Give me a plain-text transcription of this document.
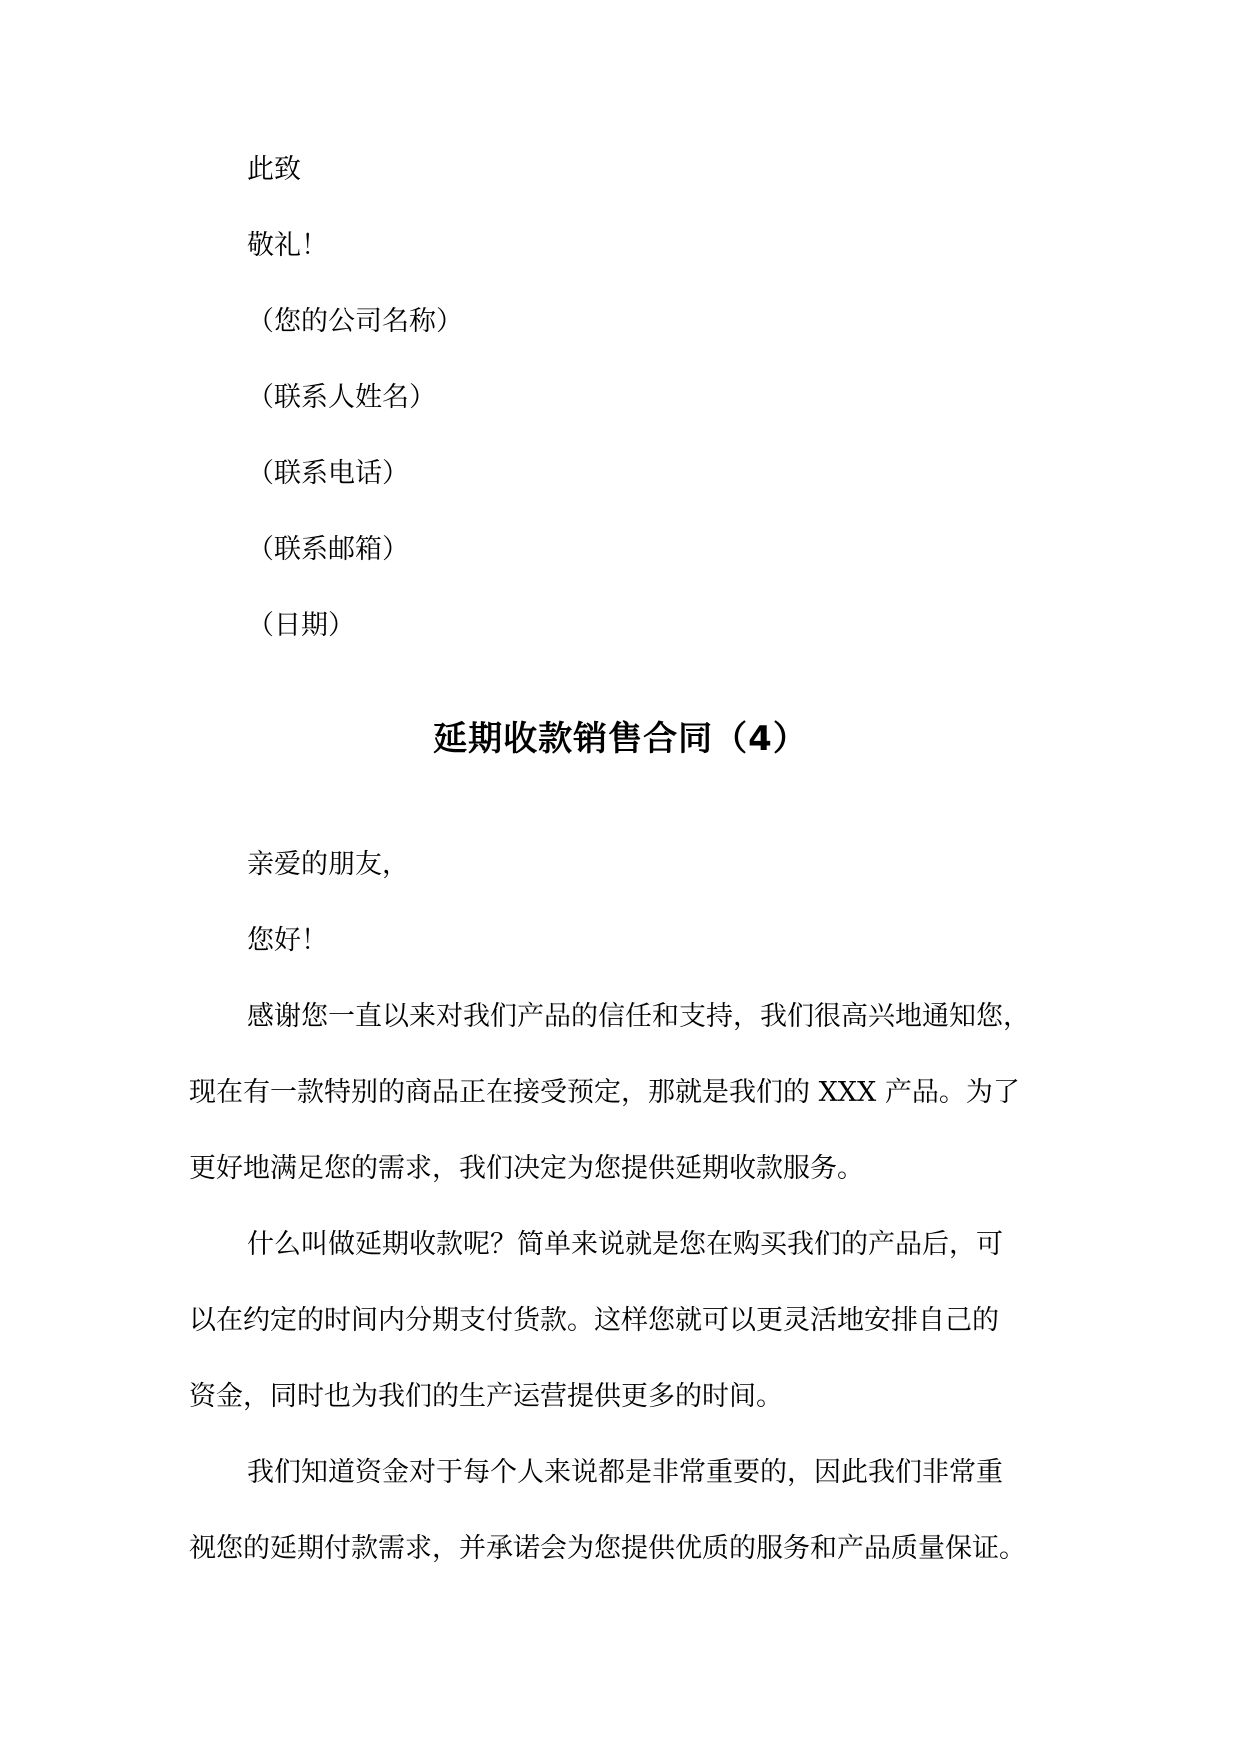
此致

敬礼！

（您的公司名称）

（联系人姓名）

（联系电话）

（联系邮箱）

（日期）

延期收款销售合同（4）

亲爱的朋友，

您好！

感谢您一直以来对我们产品的信任和支持，我们很高兴地通知您，

现在有一款特别的商品正在接受预定，那就是我们的 XXX 产品。为了

更好地满足您的需求，我们决定为您提供延期收款服务。

什么叫做延期收款呢？简单来说就是您在购买我们的产品后，可

以在约定的时间内分期支付货款。这样您就可以更灵活地安排自己的

资金，同时也为我们的生产运营提供更多的时间。

我们知道资金对于每个人来说都是非常重要的，因此我们非常重

视您的延期付款需求，并承诺会为您提供优质的服务和产品质量保证。
